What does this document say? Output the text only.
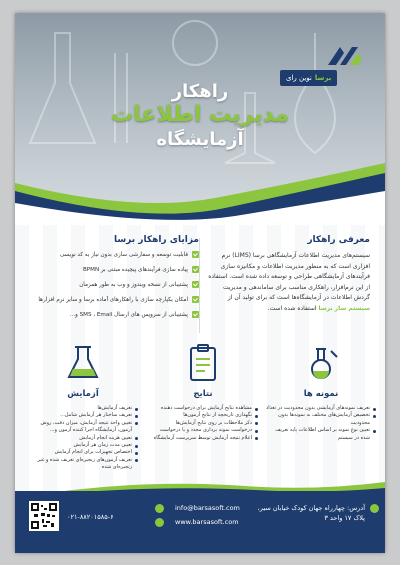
نوین رای برسا
راهکار
مدیریت اطلاعات
آزمایشگاه
معرفی راهکار

سیستم‌های مدیریت اطلاعات آزمایشگاهی برسا (LIMS) نرم افزاری است که به منظور مدیریت اطلاعات و مکانیزه سازی فرآیندهای آزمایشگاهی طراحی و توسعه داده شده است. استفاده از این نرم‌افزار، راهکاری مناسب برای ساماندهی و مدیریت گردش اطلاعات در آزمایشگاه‌ها است که برای تولید آن از سیستم ساز برسا استفاده شده است.

مزایای راهکار برسا
قابلیت توسعه و سفارشی سازی بدون نیاز به کد نویسی
پیاده سازی فرآیندهای پیچیده مبتنی بر BPMN
پشتیبانی از نسخه ویندوز و وب به طور همزمان
امکان یکپارچه سازی با راهکارهای آماده برسا و سایر نرم افزارها
پشتیبانی از سرویس های ارسال SMS ، Email و...
نمونه ها
تعریف نمونه‌های آزمایشی بدون محدودیت در تعداد
تخصیص آزمایش‌های مختلف به نمونه‌ها بدون محدودیت
تعیین نوع نمونه بر اساس اطلاعات پایه تعریف شده در سیستم
نتایج
مشاهده نتایج آزمایش برای درخواست دهنده
نگهداری تاریخچه از نتایج آزمون‌ها
ذکر ملاحظات بر روی نتایج آزمایش‌ها
درخواست نمونه برداری مجدد و یا درخواست
اعلام نتیجه آزمایش توسط سرپرست آزمایشگاه
آزمایش
تعریف آزمایش‌ها
تعریف ساختار هر آزمایش شامل...
تعیین واحد نتیجه آزمایش، میزان دقت، روش آزمون، آزمایشگاه اجرا کننده آزمون و...
تعیین هزینه انجام آزمایش
تعیین مدت زمان هر آزمایش
اختصاص تجهیزات برای انجام آزمایش
تعریف آزمون‌های زنجیره‌ای تعریف شده و غیر زنجیره‌ای شده
۰۲۱-۸۸۲۰۱۵۸۵-۶
info@barsasoft.com
www.barsasoft.com
آدرس: چهارراه جهان کودک خیابان سیر، پلاک ۱۷ واحد ۳
